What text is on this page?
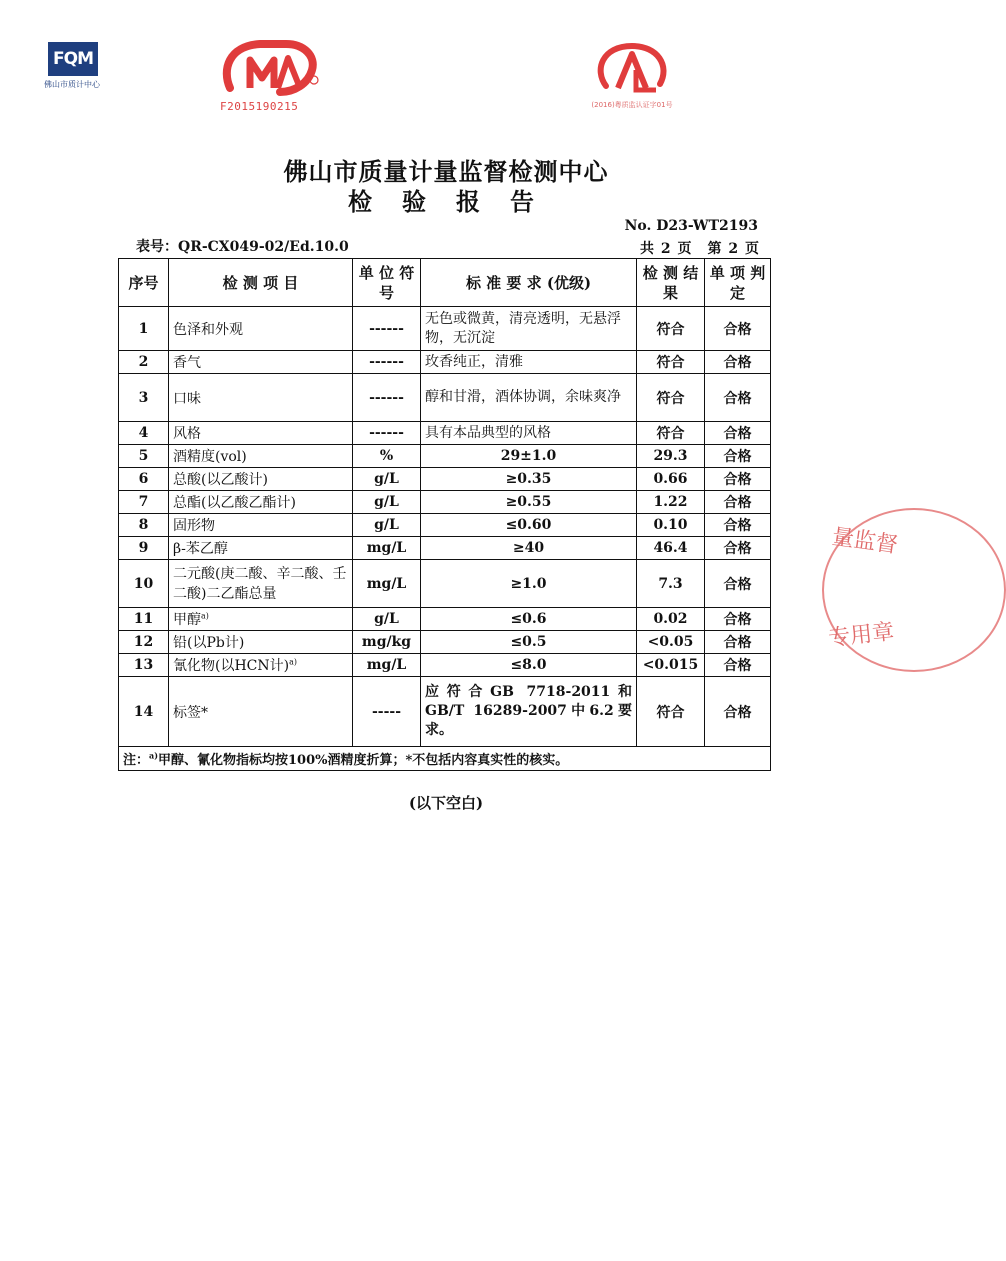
FQM
佛山市质计中心
F2015190215	(2016)粤质监认证字01号
佛山市质量计量监督检测中心
检验报告
No. D23-WT2193
表号：QR-CX049-02/Ed.10.0	共 2 页　第 2 页
序号	检 测 项 目	单 位 符 号	标 准 要 求 (优级)	检 测 结 果	单 项 判 定
1	色泽和外观	------	无色或微黄，清亮透明，无悬浮物，无沉淀	符合	合格
2	香气	------	玫香纯正，清雅	符合	合格
3	口味	------	醇和甘滑，酒体协调，余味爽净	符合	合格
4	风格	------	具有本品典型的风格	符合	合格
5	酒精度(vol)	%	29±1.0	29.3	合格
6	总酸(以乙酸计)	g/L	≥0.35	0.66	合格
7	总酯(以乙酸乙酯计)	g/L	≥0.55	1.22	合格
8	固形物	g/L	≤0.60	0.10	合格
9	β-苯乙醇	mg/L	≥40	46.4	合格
10	二元酸(庚二酸、辛二酸、壬二酸)二乙酯总量	mg/L	≥1.0	7.3	合格
11	甲醇$^{a)}$	g/L	≤0.6	0.02	合格
12	铅(以Pb计)	mg/kg	≤0.5	<0.05	合格
13	氰化物(以HCN计)$^{a)}$	mg/L	≤8.0	<0.015	合格
14	标签*	-----	应符合GB 7718-2011和GB/T 16289-2007中6.2要求。	符合	合格
注：$^{a)}$甲醇、氰化物指标均按100%酒精度折算；*不包括内容真实性的核实。					
(以下空白)
量监督
专用章
